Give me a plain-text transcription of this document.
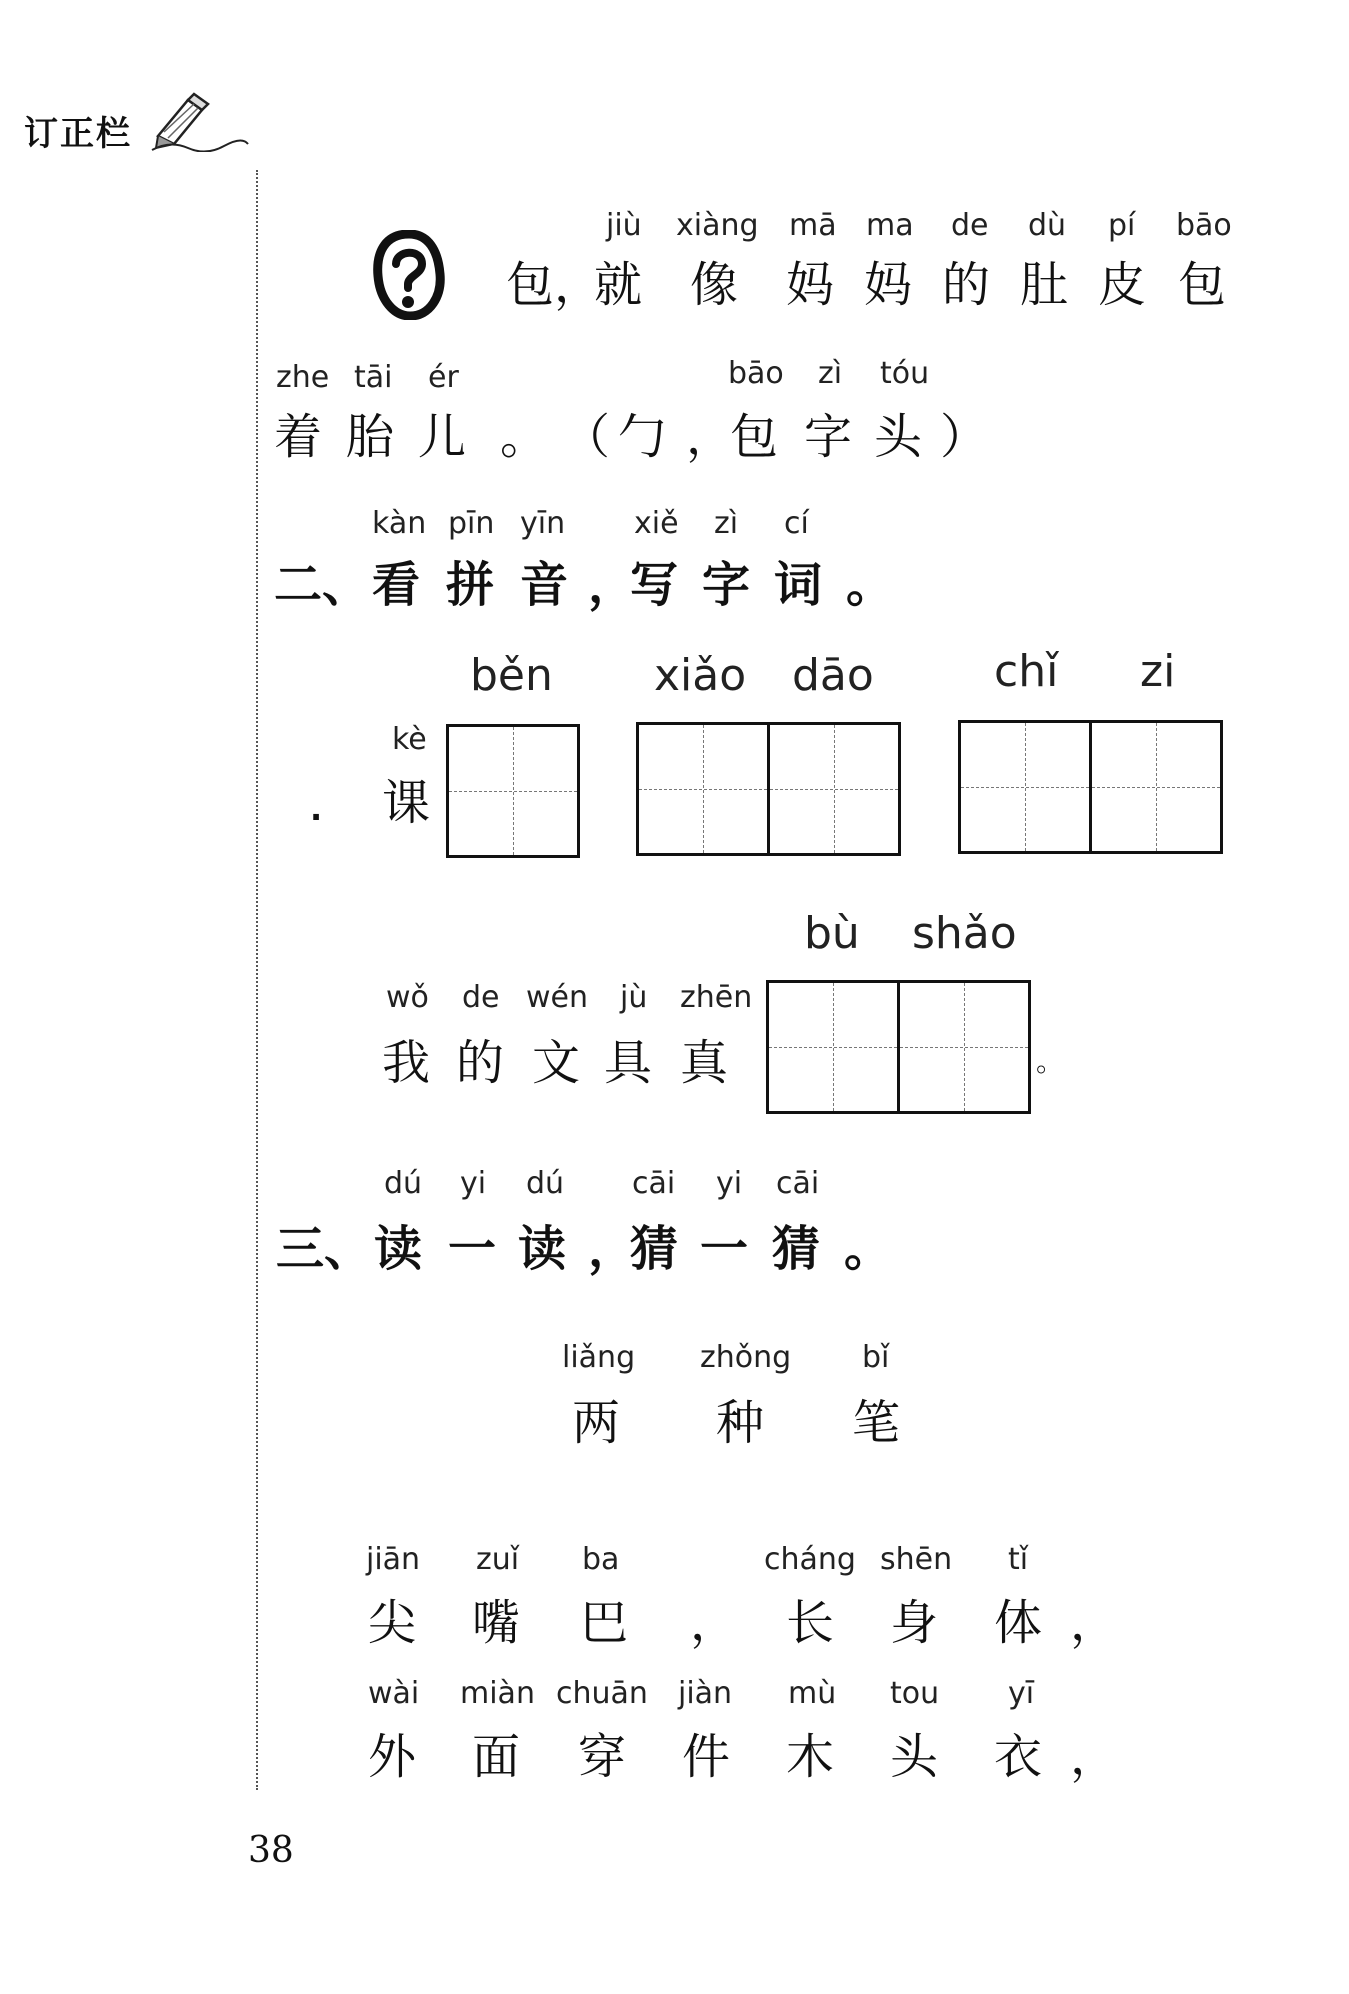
订正栏
jiù xiàng mā ma de dù pí bāo
包，
就 像 妈 妈 的 肚 皮 包
zhe tāi ér	bāo zì tóu
着 胎 儿 。 （ 勹 ，
包 字 头 ）
kàn pīn yīn xiě zì cí
二、 看 拼 音 ，
写 字 词 。
běn xiǎo dāo	chǐ zi
.
kè
课
bù shǎo
wǒ de wén jù zhēn
我 的 文 具 真	。
dú yi dú cāi yi cāi
三、 读 一 读 ，
猜 一 猜 。
liǎng zhǒng bǐ
两 种 笔
jiān zuǐ ba	cháng shēn tǐ
尖 嘴 巴 ， 长 身 体 ，
wài miàn chuān jiàn mù tou yī
外 面 穿 件 木 头 衣 ，
38
